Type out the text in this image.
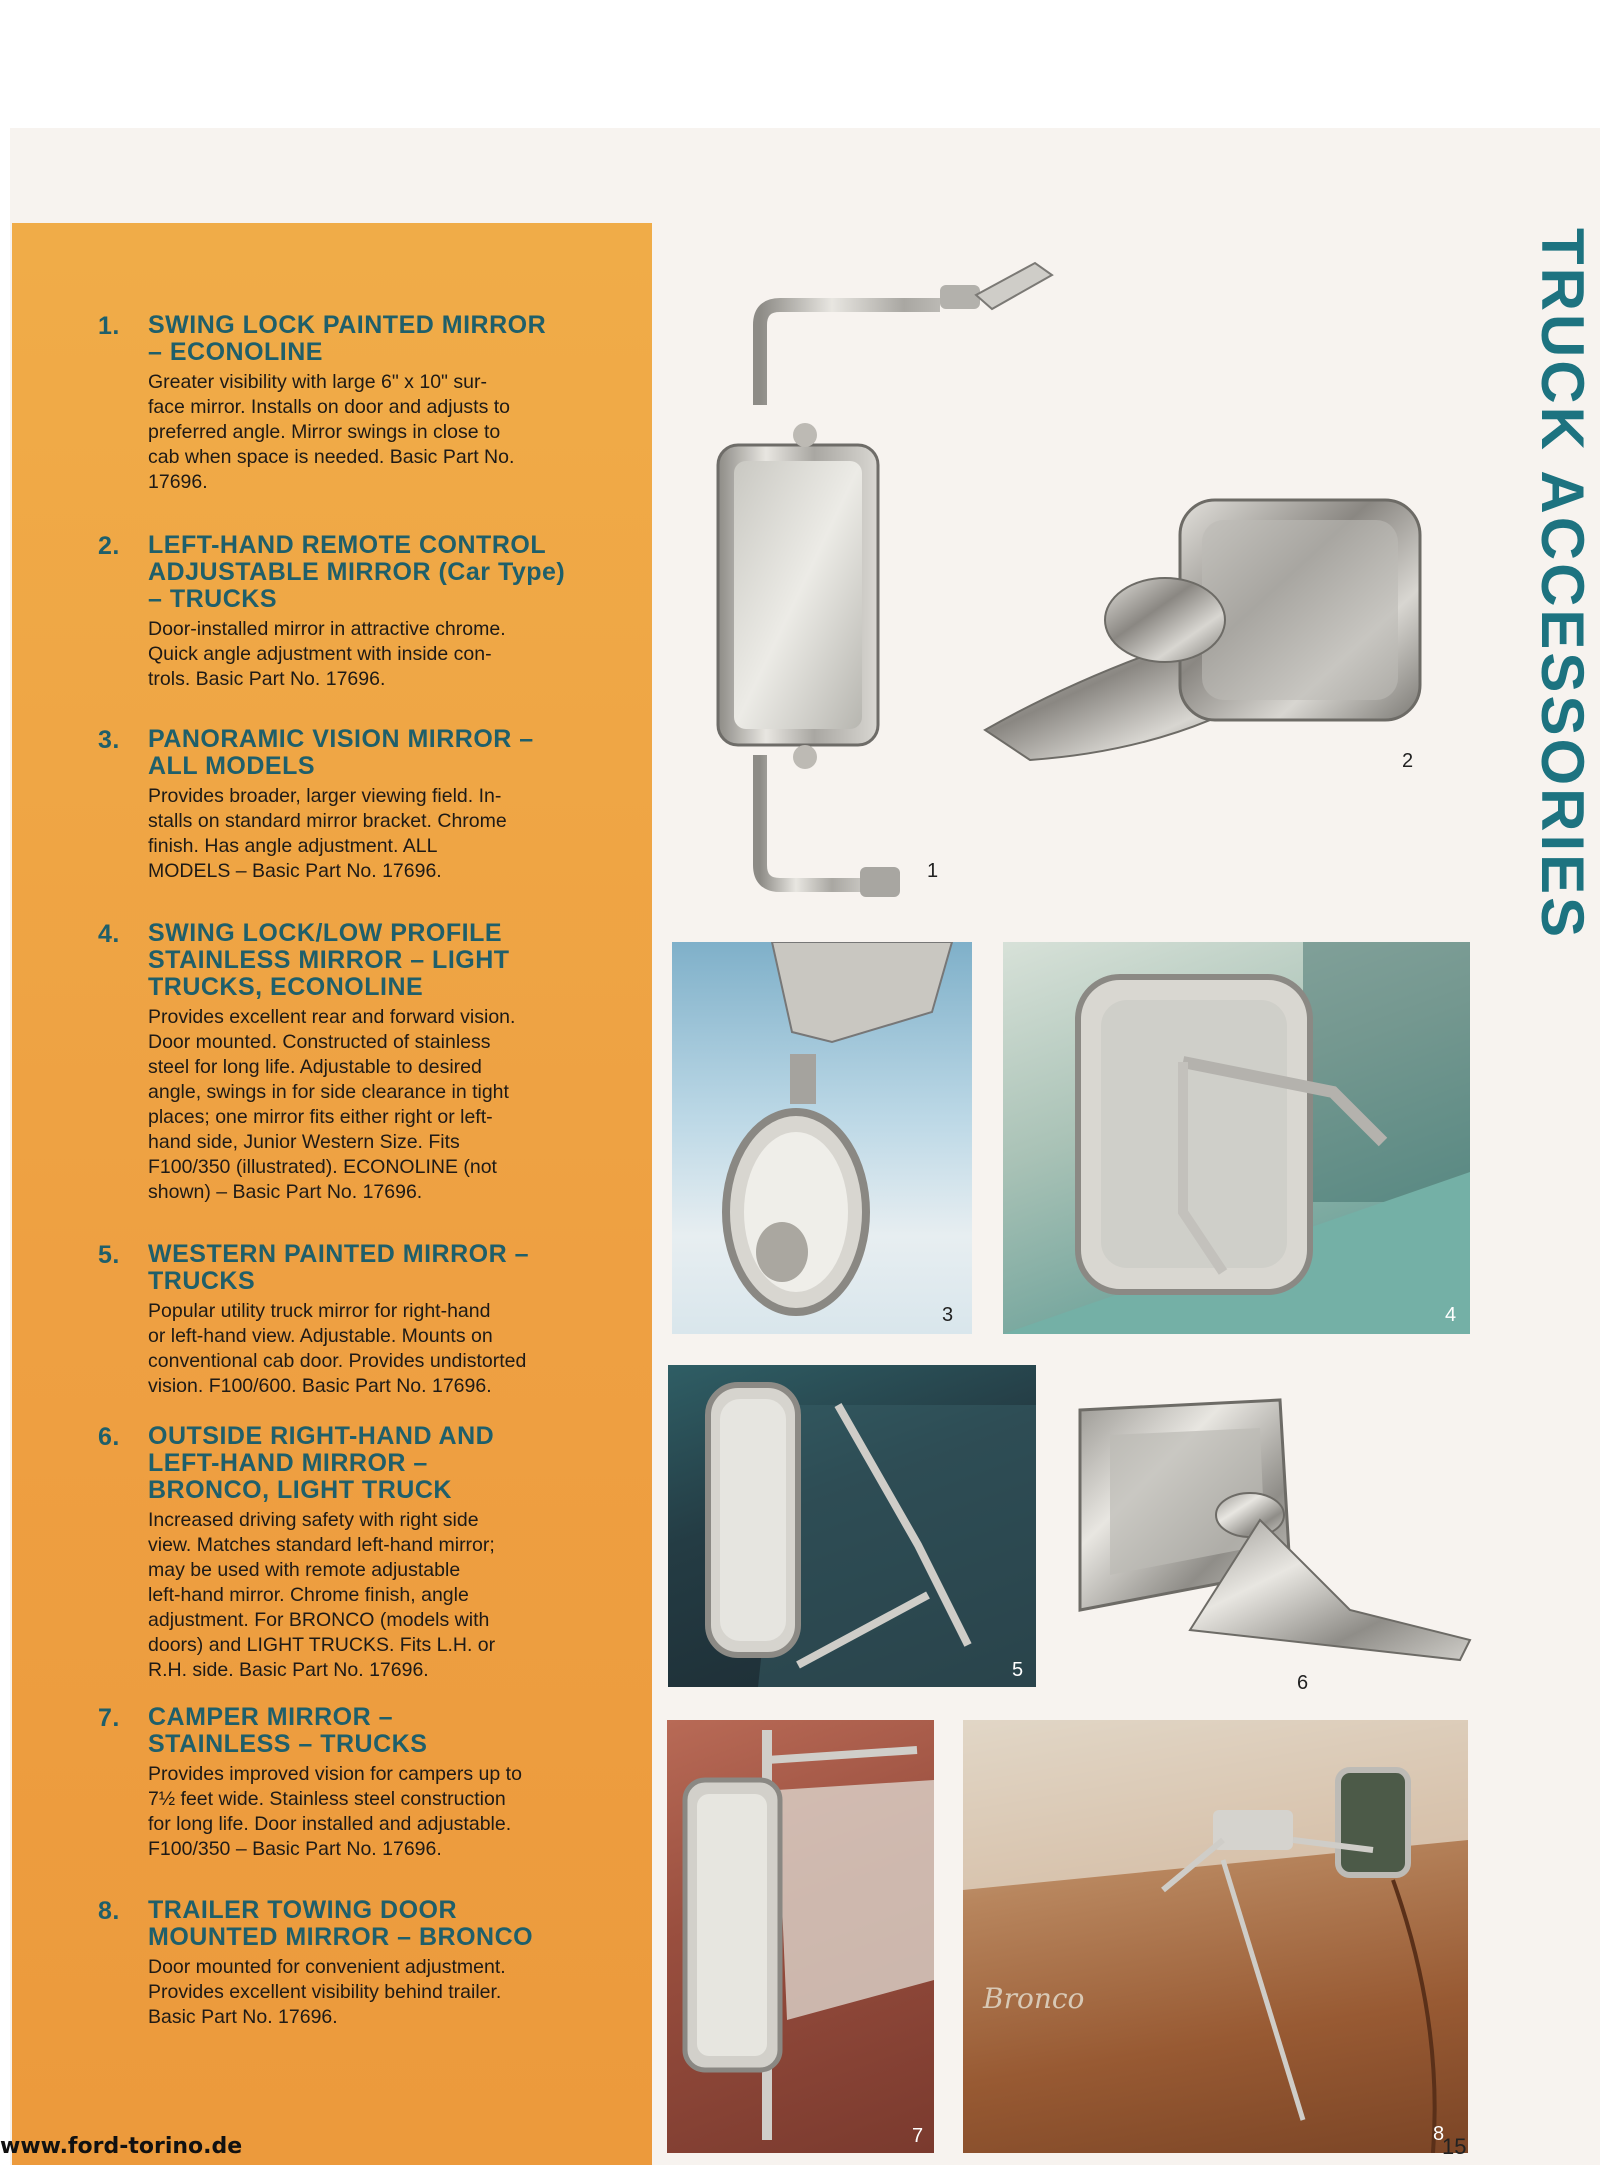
1.	SWING LOCK PAINTED MIRROR
– ECONOLINE
Greater visibility with large 6" x 10" sur-
face mirror. Installs on door and adjusts to
preferred angle. Mirror swings in close to
cab when space is needed. Basic Part No.
17696.
2.	LEFT-HAND REMOTE CONTROL
ADJUSTABLE MIRROR (Car Type)
– TRUCKS
Door-installed mirror in attractive chrome.
Quick angle adjustment with inside con-
trols. Basic Part No. 17696.
3.	PANORAMIC VISION MIRROR –
ALL MODELS
Provides broader, larger viewing field. In-
stalls on standard mirror bracket. Chrome
finish. Has angle adjustment. ALL
MODELS – Basic Part No. 17696.
4.	SWING LOCK/LOW PROFILE
STAINLESS MIRROR – LIGHT
TRUCKS, ECONOLINE
Provides excellent rear and forward vision.
Door mounted. Constructed of stainless
steel for long life. Adjustable to desired
angle, swings in for side clearance in tight
places; one mirror fits either right or left-
hand side, Junior Western Size. Fits
F100/350 (illustrated). ECONOLINE (not
shown) – Basic Part No. 17696.
5.	WESTERN PAINTED MIRROR –
TRUCKS
Popular utility truck mirror for right-hand
or left-hand view. Adjustable. Mounts on
conventional cab door. Provides undistorted
vision. F100/600. Basic Part No. 17696.
6.	OUTSIDE RIGHT-HAND AND
LEFT-HAND MIRROR –
BRONCO, LIGHT TRUCK
Increased driving safety with right side
view. Matches standard left-hand mirror;
may be used with remote adjustable
left-hand mirror. Chrome finish, angle
adjustment. For BRONCO (models with
doors) and LIGHT TRUCKS. Fits L.H. or
R.H. side. Basic Part No. 17696.
7.	CAMPER MIRROR –
STAINLESS – TRUCKS
Provides improved vision for campers up to
7½ feet wide. Stainless steel construction
for long life. Door installed and adjustable.
F100/350 – Basic Part No. 17696.
8.	TRAILER TOWING DOOR
MOUNTED MIRROR – BRONCO
Door mounted for convenient adjustment.
Provides excellent visibility behind trailer.
Basic Part No. 17696.
TRUCK ACCESSORIES
1
2
3	4
5
6
7
Bronco
8
www.ford-torino.de	15
